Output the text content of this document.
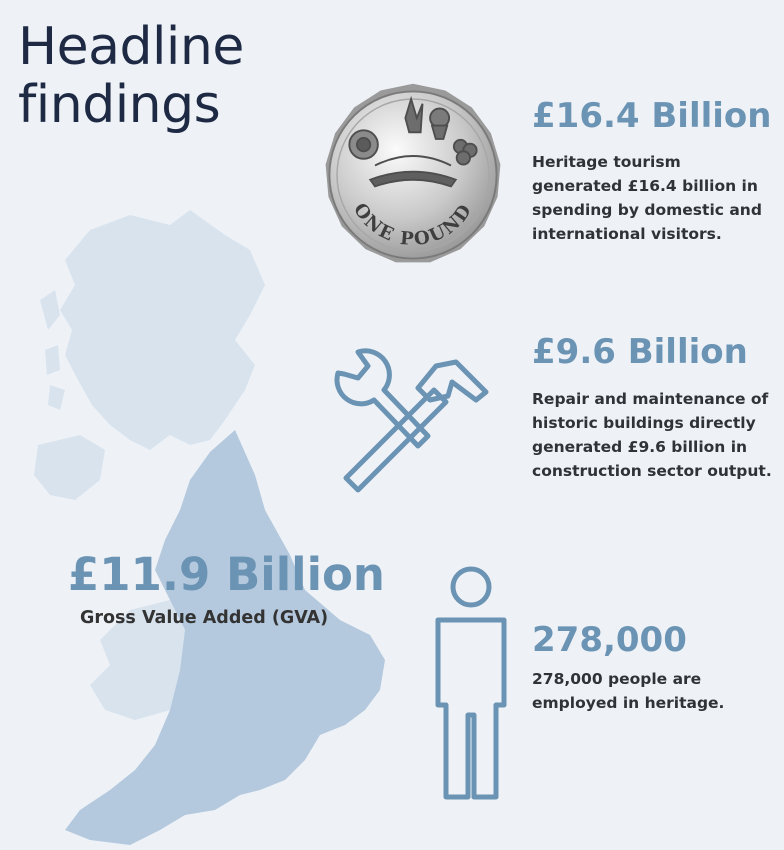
Headline
findings
ONE POUND
£16.4 Billion
Heritage tourism generated £16.4 billion in spending by domestic and international visitors.
£9.6 Billion
Repair and maintenance of historic buildings directly generated £9.6 billion in construction sector output.
278,000
278,000 people are employed in heritage.
£11.9 Billion
Gross Value Added (GVA)
